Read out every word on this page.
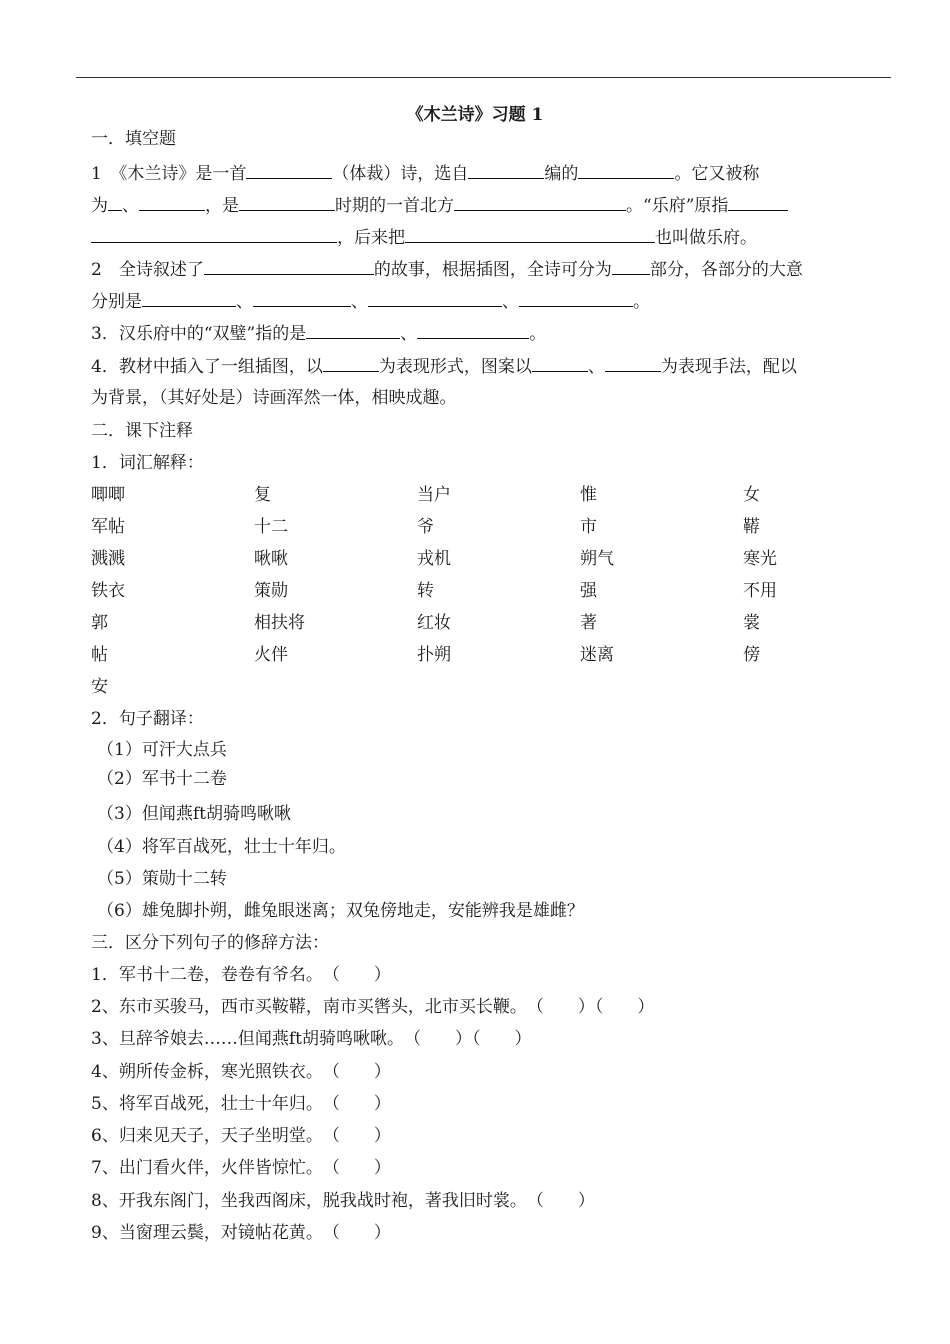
《木兰诗》习题 1
一．填空题
1　《木兰诗》是一首	（体裁）诗，选自	编的	。它又被称
为 、	，是	时期的一首北方	。“乐府”原指
，后来把	也叫做乐府。
2　全诗叙述了	的故事，根据插图，全诗可分为 部分，各部分的大意
分别是	、	、	、	。
3．汉乐府中的“双璧”指的是	、	。
4．教材中插入了一组插图，以	为表现形式，图案以	、	为表现手法，配以
为背景，（其好处是）诗画浑然一体，相映成趣。
二．课下注释
1．词汇解释：
唧唧	复	当户	惟	女
军帖	十二	爷	市	鞯
溅溅	啾啾	戎机	朔气	寒光
铁衣	策勋	转	强	不用
郭	相扶将	红妆	著	裳
帖	火伴	扑朔	迷离	傍
安
2．句子翻译：
（1）可汗大点兵
（2）军书十二卷
（3）但闻燕ft胡骑鸣啾啾
（4）将军百战死，壮士十年归。
（5）策勋十二转
（6）雄兔脚扑朔，雌兔眼迷离；双兔傍地走，安能辨我是雄雌？
三．区分下列句子的修辞方法：
1．军书十二卷，卷卷有爷名。（　　）
2、东市买骏马，西市买鞍鞯，南市买辔头，北市买长鞭。（　　）（　　）
3、旦辞爷娘去……但闻燕ft胡骑鸣啾啾。（　　）（　　）
4、朔所传金柝，寒光照铁衣。（　　）
5、将军百战死，壮士十年归。（　　）
6、归来见天子，天子坐明堂。（　　）
7、出门看火伴，火伴皆惊忙。（　　）
8、开我东阁门，坐我西阁床，脱我战时袍，著我旧时裳。（　　）
9、当窗理云鬓，对镜帖花黄。（　　）
